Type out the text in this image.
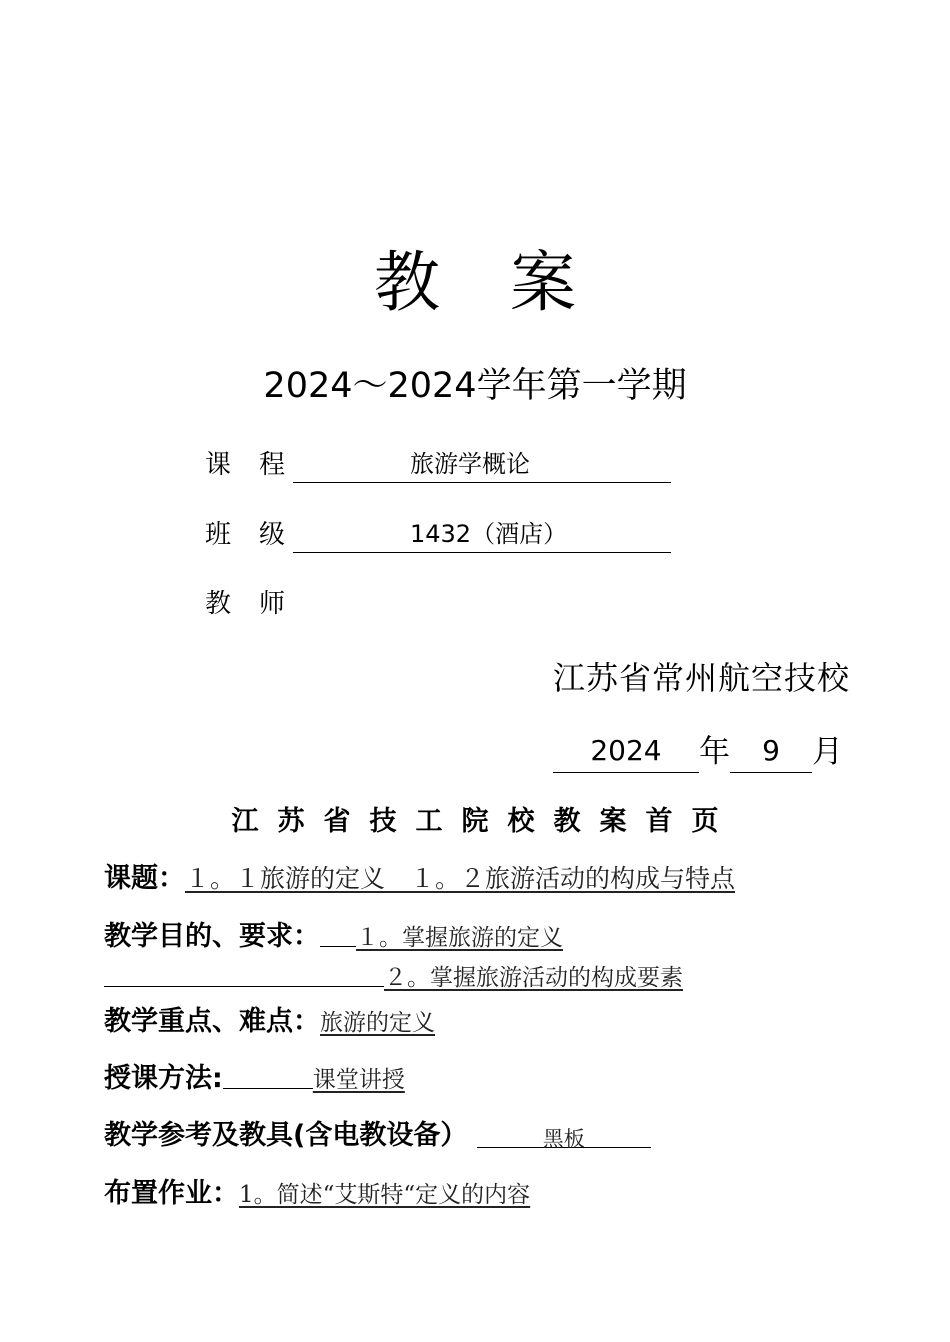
教案
2024～2024学年第一学期
课程	旅游学概论
班级	1432（酒店）
教师
江苏省常州航空技校
2024	年	9	月
江苏省技工院校教案首页
课题：１。１旅游的定义　１。２旅游活动的构成与特点
教学目的、要求： １。掌握旅游的定义
２。掌握旅游活动的构成要素
教学重点、难点：旅游的定义
授课方法:	课堂讲授
教学参考及教具(含电教设备）	黑板
布置作业：1。简述“艾斯特“定义的内容
